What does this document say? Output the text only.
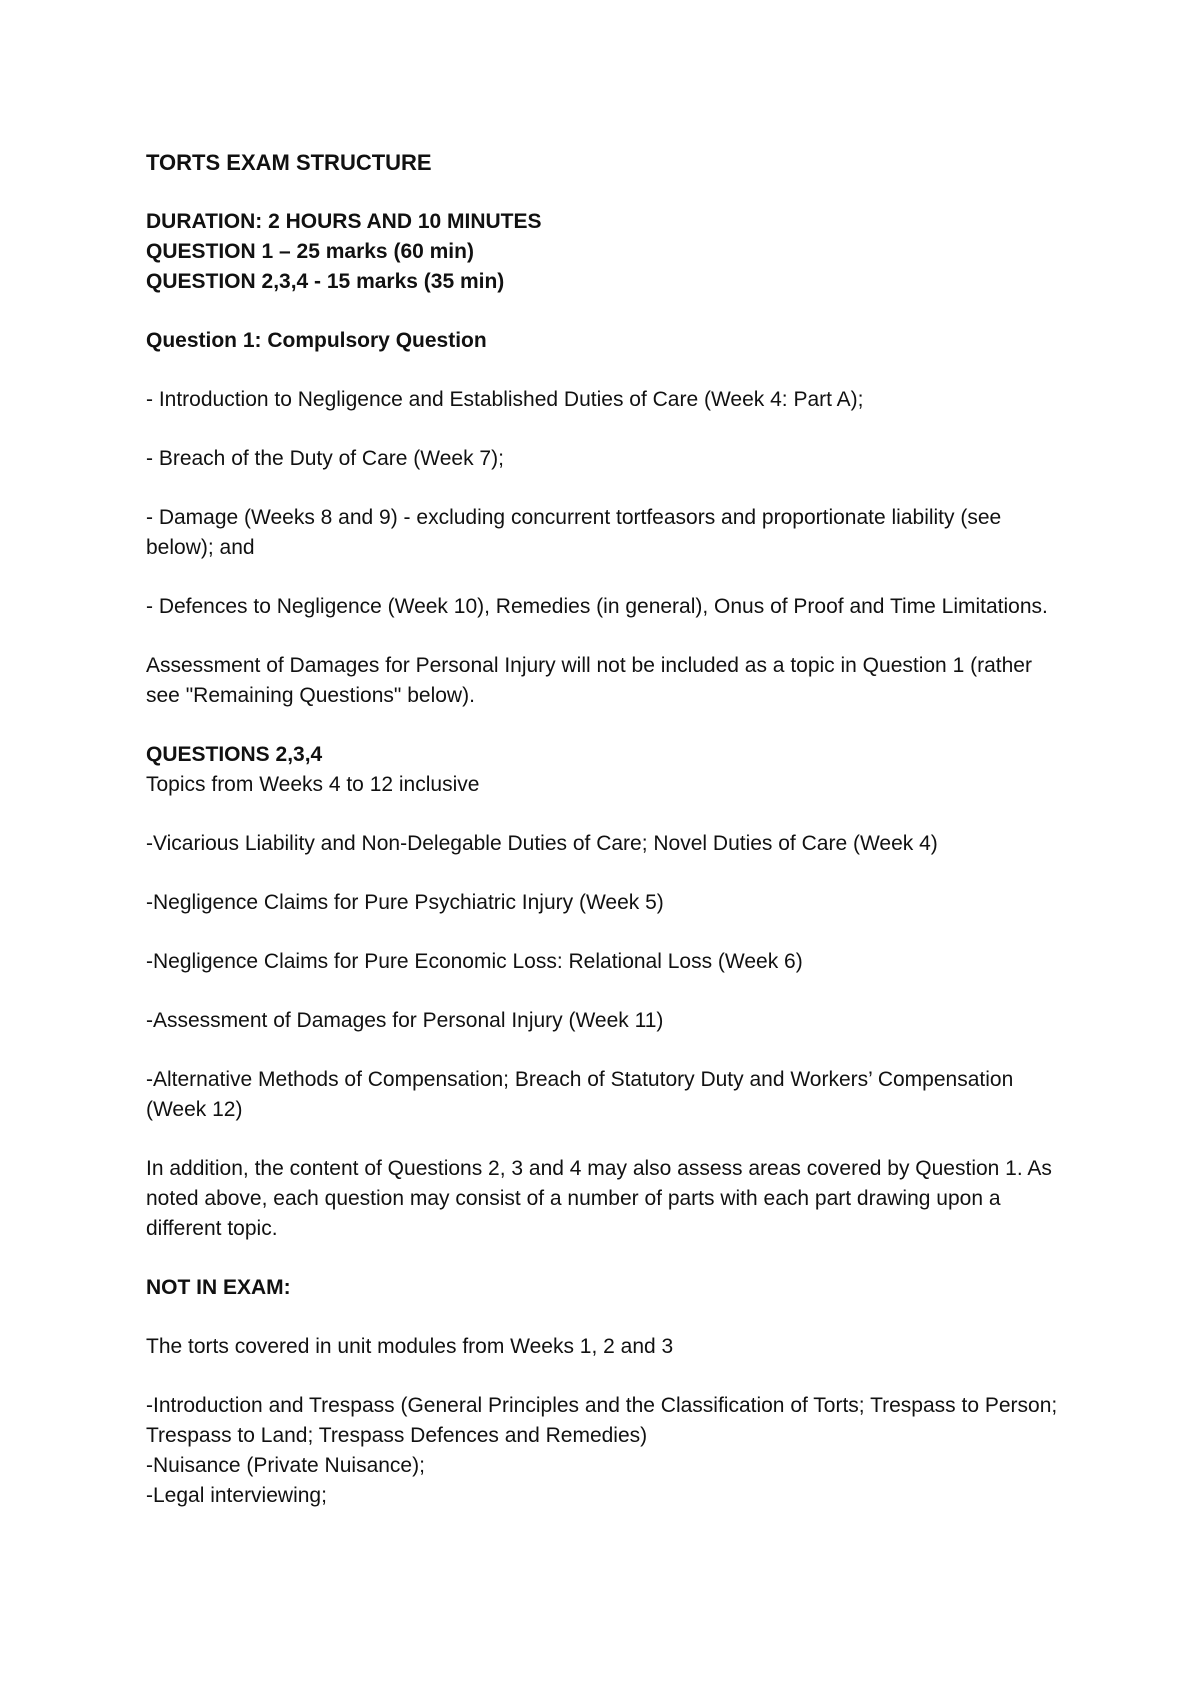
TORTS EXAM STRUCTURE
DURATION: 2 HOURS AND 10 MINUTES
QUESTION 1 – 25 marks (60 min)
QUESTION 2,3,4 - 15 marks (35 min)
Question 1: Compulsory Question
- Introduction to Negligence and Established Duties of Care (Week 4: Part A);
- Breach of the Duty of Care (Week 7);
- Damage (Weeks 8 and 9) - excluding concurrent tortfeasors and proportionate liability (see below); and
- Defences to Negligence (Week 10), Remedies (in general), Onus of Proof and Time Limitations.
Assessment of Damages for Personal Injury will not be included as a topic in Question 1 (rather see "Remaining Questions" below).
QUESTIONS 2,3,4
Topics from Weeks 4 to 12 inclusive
-Vicarious Liability and Non-Delegable Duties of Care; Novel Duties of Care (Week 4)
-Negligence Claims for Pure Psychiatric Injury (Week 5)
-Negligence Claims for Pure Economic Loss: Relational Loss (Week 6)
-Assessment of Damages for Personal Injury (Week 11)
-Alternative Methods of Compensation; Breach of Statutory Duty and Workers’ Compensation (Week 12)
In addition, the content of Questions 2, 3 and 4 may also assess areas covered by Question 1. As noted above, each question may consist of a number of parts with each part drawing upon a different topic.
NOT IN EXAM:
The torts covered in unit modules from Weeks 1, 2 and 3
-Introduction and Trespass (General Principles and the Classification of Torts; Trespass to Person; Trespass to Land; Trespass Defences and Remedies)
-Nuisance (Private Nuisance);
-Legal interviewing;
